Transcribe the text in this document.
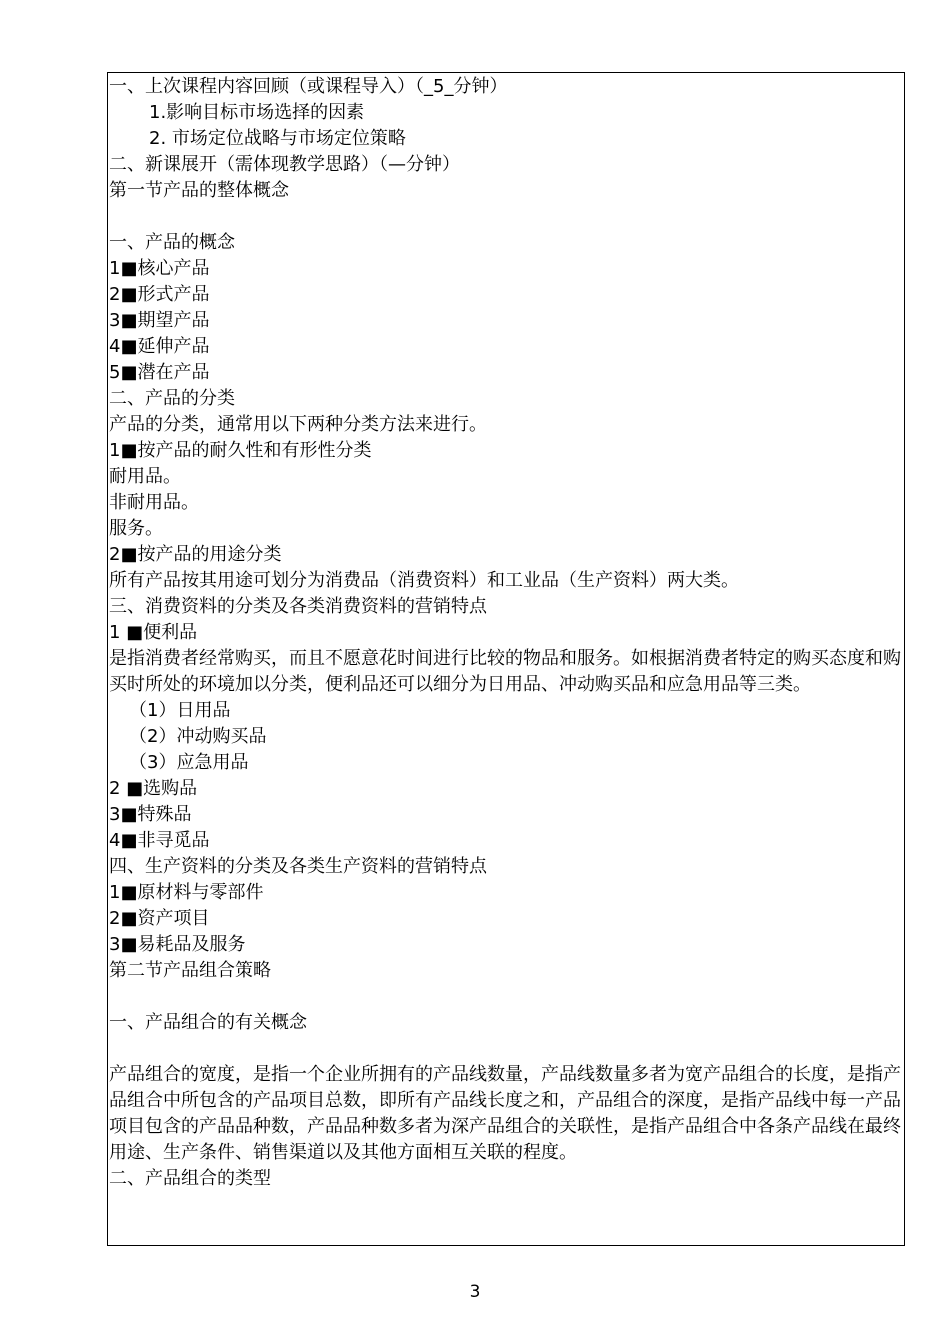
一、上次课程内容回顾（或课程导入）（_5_分钟）
1.影响目标市场选择的因素
2. 市场定位战略与市场定位策略
二、新课展开（需体现教学思路）（—分钟）
第一节产品的整体概念
一、产品的概念
1■核心产品
2■形式产品
3■期望产品
4■延伸产品
5■潜在产品
二、产品的分类
产品的分类，通常用以下两种分类方法来进行。
1■按产品的耐久性和有形性分类
耐用品。
非耐用品。
服务。
2■按产品的用途分类
所有产品按其用途可划分为消费品（消费资料）和工业品（生产资料）两大类。
三、消费资料的分类及各类消费资料的营销特点
1 ■便利品
是指消费者经常购买，而且不愿意花时间进行比较的物品和服务。如根据消费者特定的购买态度和购买时所处的环境加以分类，便利品还可以细分为日用品、冲动购买品和应急用品等三类。
（1）日用品
（2）冲动购买品
（3）应急用品
2 ■选购品
3■特殊品
4■非寻觅品
四、生产资料的分类及各类生产资料的营销特点
1■原材料与零部件
2■资产项目
3■易耗品及服务
第二节产品组合策略
一、产品组合的有关概念
产品组合的宽度，是指一个企业所拥有的产品线数量，产品线数量多者为宽产品组合的长度，是指产品组合中所包含的产品项目总数，即所有产品线长度之和，产品组合的深度，是指产品线中每一产品项目包含的产品品种数，产品品种数多者为深产品组合的关联性，是指产品组合中各条产品线在最终用途、生产条件、销售渠道以及其他方面相互关联的程度。
二、产品组合的类型
3
